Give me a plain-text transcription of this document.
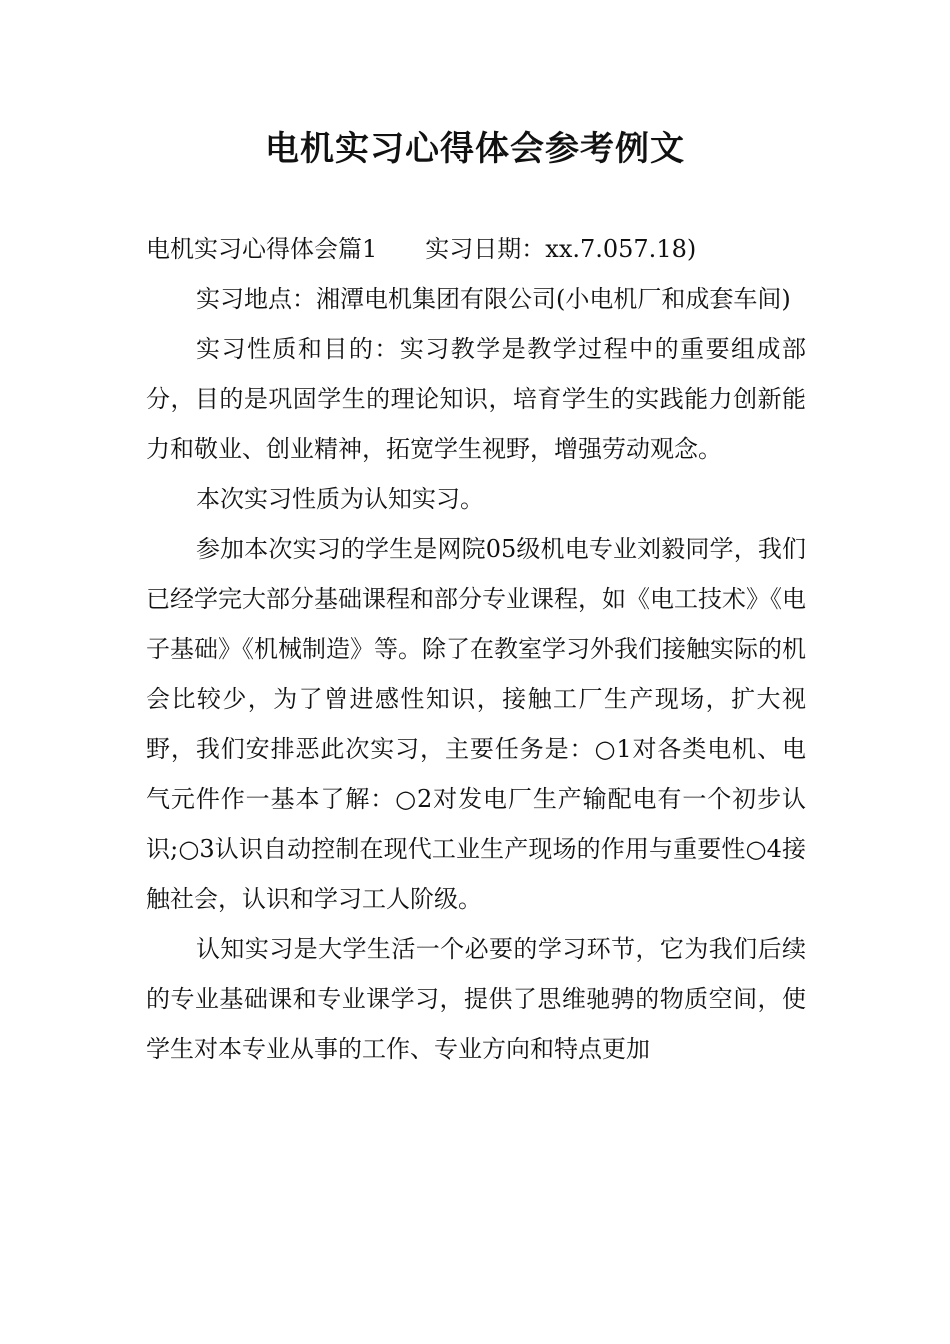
电机实习心得体会参考例文

电机实习心得体会篇1 实习日期：xx.7.057.18)

实习地点：湘潭电机集团有限公司(小电机厂和成套车间)

实习性质和目的：实习教学是教学过程中的重要组成部分，目的是巩固学生的理论知识，培育学生的实践能力创新能力和敬业、创业精神，拓宽学生视野，增强劳动观念。

本次实习性质为认知实习。

参加本次实习的学生是网院05级机电专业刘毅同学，我们已经学完大部分基础课程和部分专业课程，如《电工技术》《电子基础》《机械制造》等。除了在教室学习外我们接触实际的机会比较少，为了曾进感性知识，接触工厂生产现场，扩大视野，我们安排恶此次实习，主要任务是：○1对各类电机、电气元件作一基本了解：○2对发电厂生产输配电有一个初步认识;○3认识自动控制在现代工业生产现场的作用与重要性○4接触社会，认识和学习工人阶级。

认知实习是大学生活一个必要的学习环节，它为我们后续的专业基础课和专业课学习，提供了思维驰骋的物质空间，使学生对本专业从事的工作、专业方向和特点更加
